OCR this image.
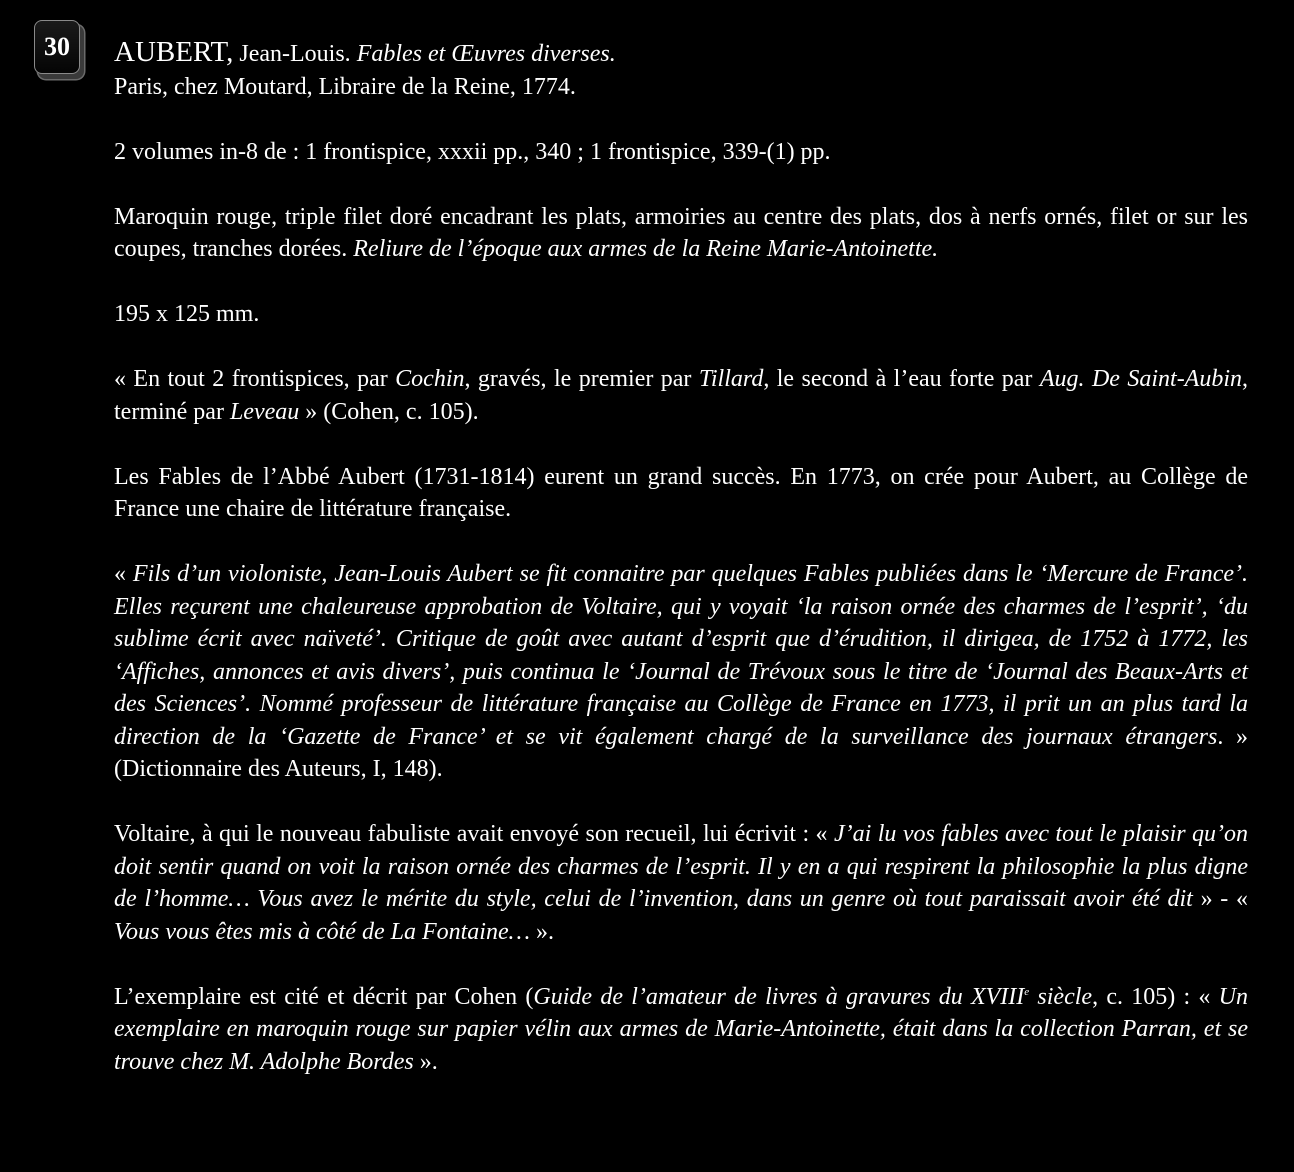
30 AUBERT, Jean-Louis. Fables et Œuvres diverses.

Paris, chez Moutard, Libraire de la Reine, 1774.

2 volumes in-8 de : 1 frontispice, xxxii pp., 340 ; 1 frontispice, 339-(1) pp.

Maroquin rouge, triple filet doré encadrant les plats, armoiries au centre des plats, dos à nerfs ornés, filet or sur les coupes, tranches dorées. Reliure de l’époque aux armes de la Reine Marie-Antoinette.

195 x 125 mm.

« En tout 2 frontispices, par Cochin, gravés, le premier par Tillard, le second à l’eau forte par Aug. De Saint-Aubin, terminé par Leveau » (Cohen, c. 105).

Les Fables de l’Abbé Aubert (1731-1814) eurent un grand succès. En 1773, on crée pour Aubert, au Collège de France une chaire de littérature française.

« Fils d’un violoniste, Jean-Louis Aubert se fit connaitre par quelques Fables publiées dans le ‘Mercure de France’. Elles reçurent une chaleureuse approbation de Voltaire, qui y voyait ‘la raison ornée des charmes de l’esprit’, ‘du sublime écrit avec naïveté’. Critique de goût avec autant d’esprit que d’érudition, il dirigea, de 1752 à 1772, les ‘Affiches, annonces et avis divers’, puis continua le ‘Journal de Trévoux sous le titre de ‘Journal des Beaux-Arts et des Sciences’. Nommé professeur de littérature française au Collège de France en 1773, il prit un an plus tard la direction de la ‘Gazette de France’ et se vit également chargé de la surveillance des journaux étrangers. » (Dictionnaire des Auteurs, I, 148).

Voltaire, à qui le nouveau fabuliste avait envoyé son recueil, lui écrivit : « J’ai lu vos fables avec tout le plaisir qu’on doit sentir quand on voit la raison ornée des charmes de l’esprit. Il y en a qui respirent la philosophie la plus digne de l’homme… Vous avez le mérite du style, celui de l’invention, dans un genre où tout paraissait avoir été dit » - « Vous vous êtes mis à côté de La Fontaine… ».

L’exemplaire est cité et décrit par Cohen (Guide de l’amateur de livres à gravures du XVIIIe siècle, c. 105) : « Un exemplaire en maroquin rouge sur papier vélin aux armes de Marie-Antoinette, était dans la collection Parran, et se trouve chez M. Adolphe Bordes ».
